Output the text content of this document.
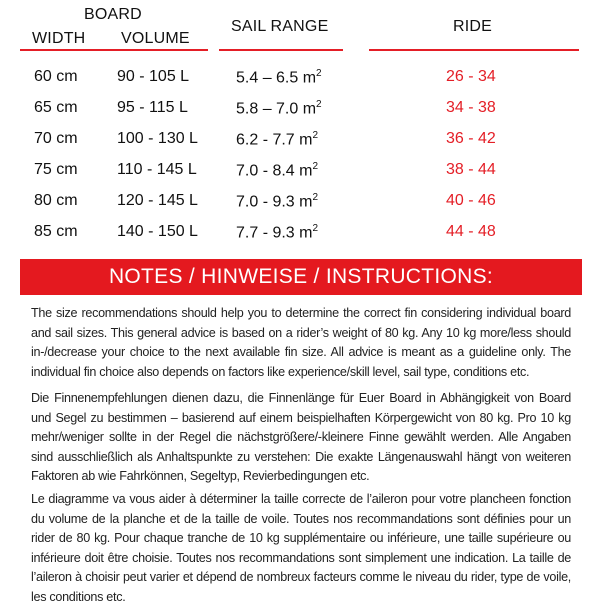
BOARD
WIDTH VOLUME
SAIL RANGE	RIDE
60 cm 90 - 105 L	5.4 – 6.5 $m^2$	26 - 34
65 cm 95 - 115 L	5.8 – 7.0 $m^2$	34 - 38
70 cm 100 - 130 L 6.2 - 7.7 $m^2$	36 - 42
75 cm 110 - 145 L 7.0 - 8.4 $m^2$	38 - 44
80 cm 120 - 145 L 7.0 - 9.3 $m^2$	40 - 46
85 cm 140 - 150 L 7.7 - 9.3 $m^2$	44 - 48
NOTES / HINWEISE / INSTRUCTIONS:

The size recommendations should help you to determine the correct fin considering individual board and sail sizes. This general advice is based on a rider’s weight of 80 kg. Any 10 kg more/less should in-/decrease your choice to the next available fin size. All advice is meant as a guideline only. The individual fin choice also depends on factors like experience/skill level, sail type, conditions etc.

Die Finnenempfehlungen dienen dazu, die Finnenlänge für Euer Board in Abhängigkeit von Board und Segel zu bestimmen – basierend auf einem beispielhaften Körpergewicht von 80 kg. Pro 10 kg mehr/weniger sollte in der Regel die nächstgrößere/-kleinere Finne gewählt werden. Alle Angaben sind ausschließlich als Anhaltspunkte zu verstehen: Die exakte Längenauswahl hängt von weiteren Faktoren ab wie Fahrkönnen, Segeltyp, Revierbedingungen etc.

Le diagramme va vous aider à déterminer la taille correcte de l’aileron pour votre plancheen fonction du volume de la planche et de la taille de voile. Toutes nos recommandations sont définies pour un rider de 80 kg. Pour chaque tranche de 10 kg supplémentaire ou inférieure, une taille supérieure ou inférieure doit être choisie. Toutes nos recommandations sont simplement une indication. La taille de l’aileron à choisir peut varier et dépend de nombreux facteurs comme le niveau du rider, type de voile, les conditions etc.
